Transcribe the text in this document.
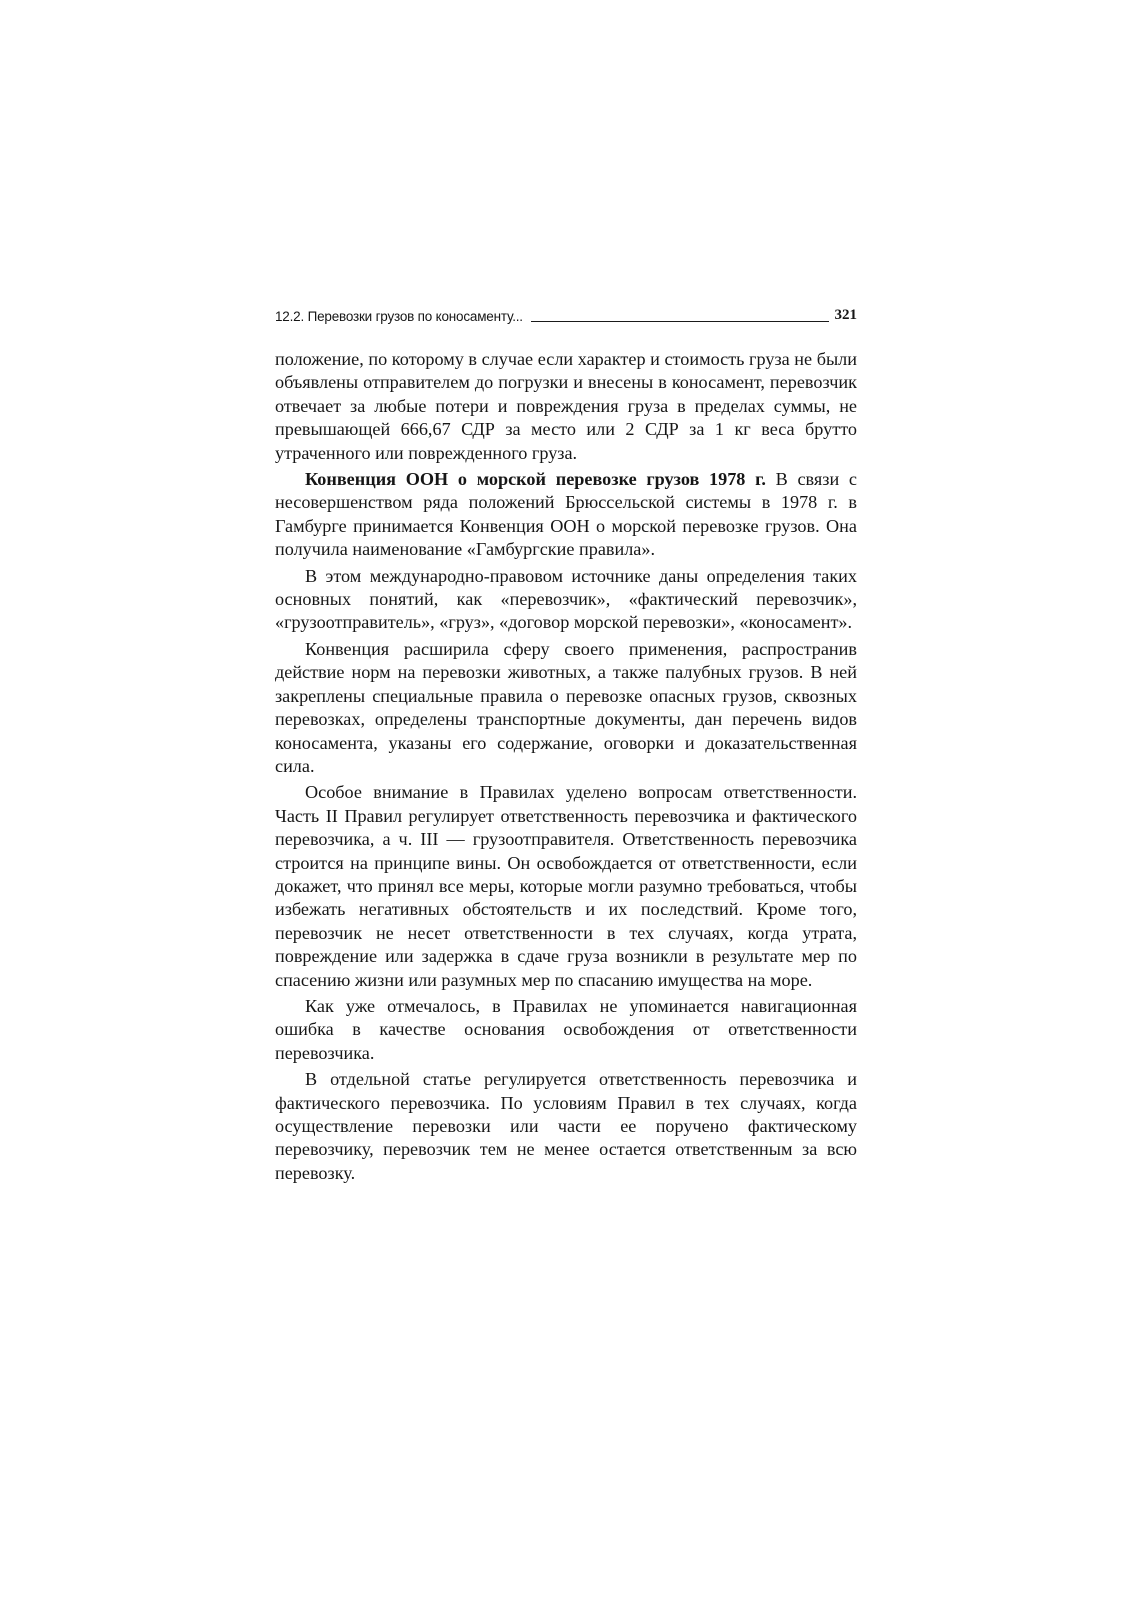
12.2. Перевозки грузов по коносаменту...	321

положение, по которому в случае если характер и стоимость груза не были объявлены отправителем до погрузки и внесены в коносамент, перевозчик отвечает за любые потери и повреждения груза в пределах суммы, не превышающей 666,67 СДР за место или 2 СДР за 1 кг веса брутто утраченного или поврежденного груза.

Конвенция ООН о морской перевозке грузов 1978 г. В связи с несовершенством ряда положений Брюссельской системы в 1978 г. в Гамбурге принимается Конвенция ООН о морской перевозке грузов. Она получила наименование «Гамбургские правила».

В этом международно-правовом источнике даны определения таких основных понятий, как «перевозчик», «фактический перевозчик», «грузоотправитель», «груз», «договор морской перевозки», «коносамент».

Конвенция расширила сферу своего применения, распространив действие норм на перевозки животных, а также палубных грузов. В ней закреплены специальные правила о перевозке опасных грузов, сквозных перевозках, определены транспортные документы, дан перечень видов коносамента, указаны его содержание, оговорки и доказательственная сила.

Особое внимание в Правилах уделено вопросам ответственности. Часть II Правил регулирует ответственность перевозчика и фактического перевозчика, а ч. III — грузоотправителя. Ответственность перевозчика строится на принципе вины. Он освобождается от ответственности, если докажет, что принял все меры, которые могли разумно требоваться, чтобы избежать негативных обстоятельств и их последствий. Кроме того, перевозчик не несет ответственности в тех случаях, когда утрата, повреждение или задержка в сдаче груза возникли в результате мер по спасению жизни или разумных мер по спасанию имущества на море.

Как уже отмечалось, в Правилах не упоминается навигационная ошибка в качестве основания освобождения от ответственности перевозчика.

В отдельной статье регулируется ответственность перевозчика и фактического перевозчика. По условиям Правил в тех случаях, когда осуществление перевозки или части ее поручено фактическому перевозчику, перевозчик тем не менее остается ответственным за всю перевозку.
